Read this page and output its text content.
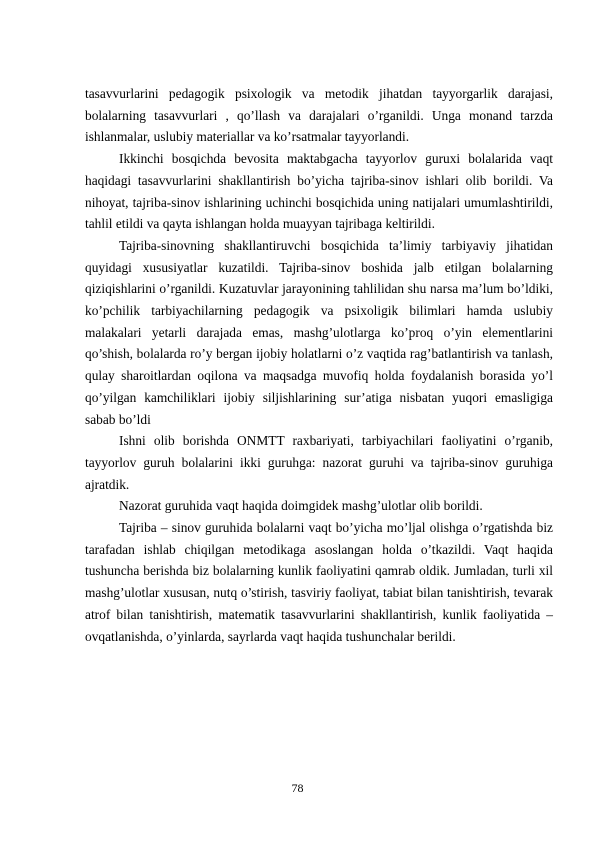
tasavvurlarini pedagogik psixologik va metodik jihatdan tayyorgarlik darajasi, bolalarning tasavvurlari , qo’llash va darajalari o’rganildi. Unga monand tarzda ishlanmalar, uslubiy materiallar va ko’rsatmalar tayyorlandi.

Ikkinchi bosqichda bevosita maktabgacha tayyorlov guruxi bolalarida vaqt haqidagi tasavvurlarini shakllantirish bo’yicha tajriba-sinov ishlari olib borildi. Va nihoyat, tajriba-sinov ishlarining uchinchi bosqichida uning natijalari umumlashtirildi, tahlil etildi va qayta ishlangan holda muayyan tajribaga keltirildi.

Tajriba-sinovning shakllantiruvchi bosqichida ta’limiy tarbiyaviy jihatidan quyidagi xususiyatlar kuzatildi. Tajriba-sinov boshida jalb etilgan bolalarning qiziqishlarini o’rganildi. Kuzatuvlar jarayonining tahlilidan shu narsa ma’lum bo’ldiki, ko’pchilik tarbiyachilarning pedagogik va psixoligik bilimlari hamda uslubiy malakalari yetarli darajada emas, mashg’ulotlarga ko’proq o’yin elementlarini qo’shish, bolalarda ro’y bergan ijobiy holatlarni o’z vaqtida rag’batlantirish va tanlash, qulay sharoitlardan oqilona va maqsadga muvofiq holda foydalanish borasida yo’l qo’yilgan kamchiliklari ijobiy siljishlarining sur’atiga nisbatan yuqori emasligiga sabab bo’ldi

Ishni olib borishda ONMTT raxbariyati, tarbiyachilari faoliyatini o’rganib, tayyorlov guruh bolalarini ikki guruhga: nazorat guruhi va tajriba-sinov guruhiga ajratdik.

Nazorat guruhida vaqt haqida doimgidek mashg’ulotlar olib borildi.

Tajriba – sinov guruhida bolalarni vaqt bo’yicha mo’ljal olishga o’rgatishda biz tarafadan ishlab chiqilgan metodikaga asoslangan holda o’tkazildi. Vaqt haqida tushuncha berishda biz bolalarning kunlik faoliyatini qamrab oldik. Jumladan, turli xil mashg’ulotlar xususan, nutq o’stirish, tasviriy faoliyat, tabiat bilan tanishtirish, tevarak atrof bilan tanishtirish, matematik tasavvurlarini shakllantirish, kunlik faoliyatida – ovqatlanishda, o’yinlarda, sayrlarda vaqt haqida tushunchalar berildi.

78
